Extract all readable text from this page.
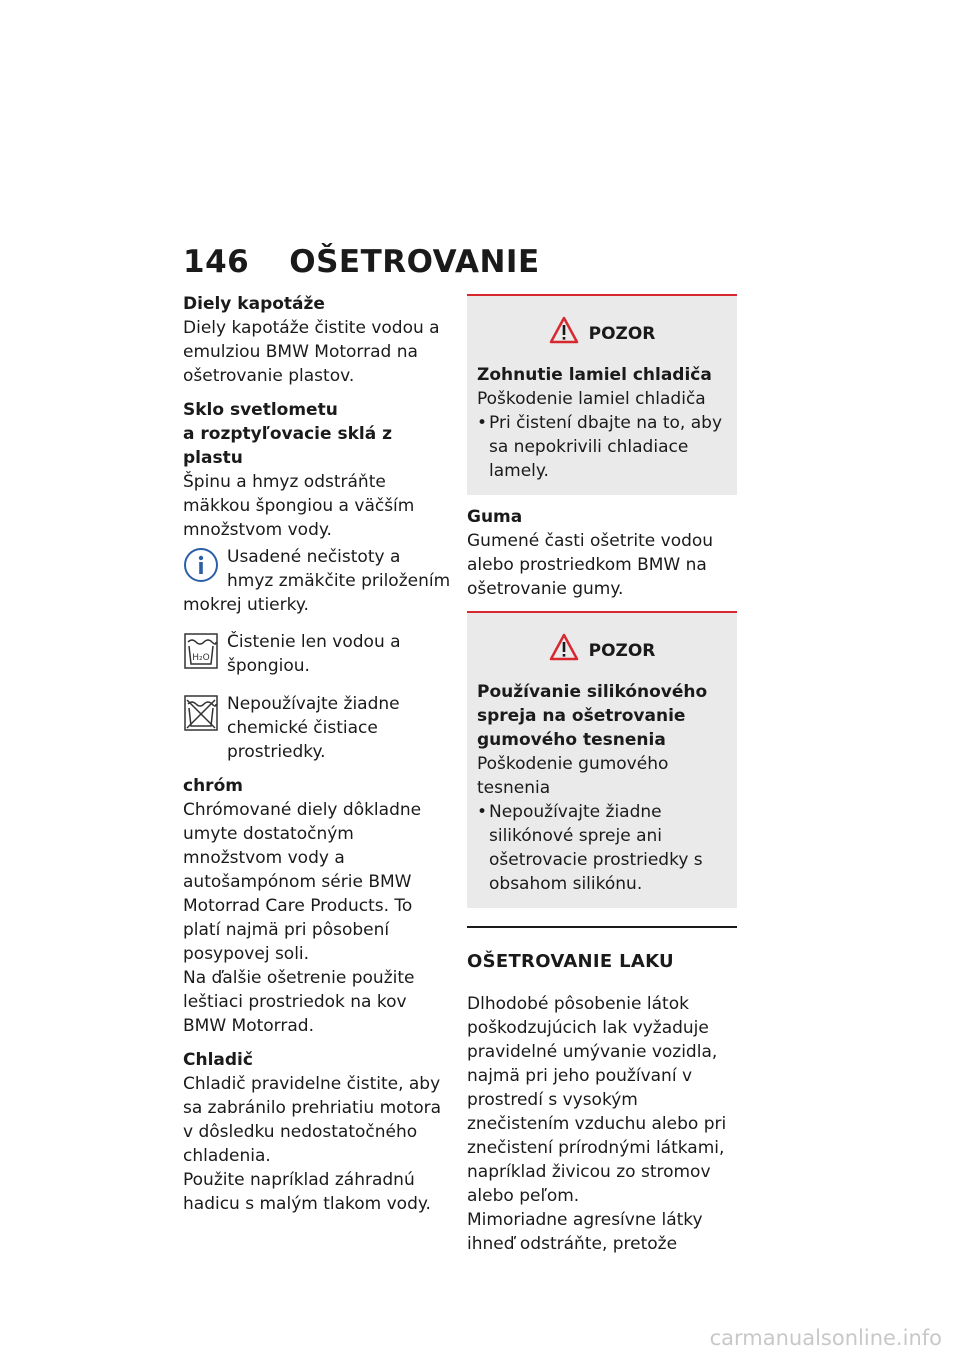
146 OŠETROVANIE

Diely kapotáže

Diely kapotáže čistite vodou a emulziou BMW Motorrad na ošetrovanie plastov.

Sklo svetlometu

a rozptyľovacie sklá z plastu

Špinu a hmyz odstráňte mäkkou špongiou a väčším množstvom vody.

Usadené nečistoty a hmyz zmäkčite priložením mokrej utierky.

H₂O

Čistenie len vodou a špongiou.

Nepoužívajte žiadne chemické čistiace prostriedky.

chróm

Chrómované diely dôkladne umyte dostatočným množstvom vody a autošampónom série BMW Motorrad Care Products. To platí najmä pri pôsobení posypovej soli.

Na ďalšie ošetrenie použite leštiaci prostriedok na kov BMW Motorrad.

Chladič

Chladič pravidelne čistite, aby sa zabránilo prehriatiu motora v dôsledku nedostatočného chladenia.

Použite napríklad záhradnú hadicu s malým tlakom vody.

POZOR

Zohnutie lamiel chladiča

Poškodenie lamiel chladiča

• Pri čistení dbajte na to, aby sa nepokrivili chladiace lamely.

Guma

Gumené časti ošetrite vodou alebo prostriedkom BMW na ošetrovanie gumy.

POZOR

Používanie silikónového spreja na ošetrovanie gumového tesnenia

Poškodenie gumového tesnenia

• Nepoužívajte žiadne silikónové spreje ani ošetrovacie prostriedky s obsahom silikónu.

OŠETROVANIE LAKU

Dlhodobé pôsobenie látok poškodzujúcich lak vyžaduje pravidelné umývanie vozidla, najmä pri jeho používaní v prostredí s vysokým znečistením vzduchu alebo pri znečistení prírodnými látkami, napríklad živicou zo stromov alebo peľom.

Mimoriadne agresívne látky ihneď odstráňte, pretože

carmanualsonline.info
